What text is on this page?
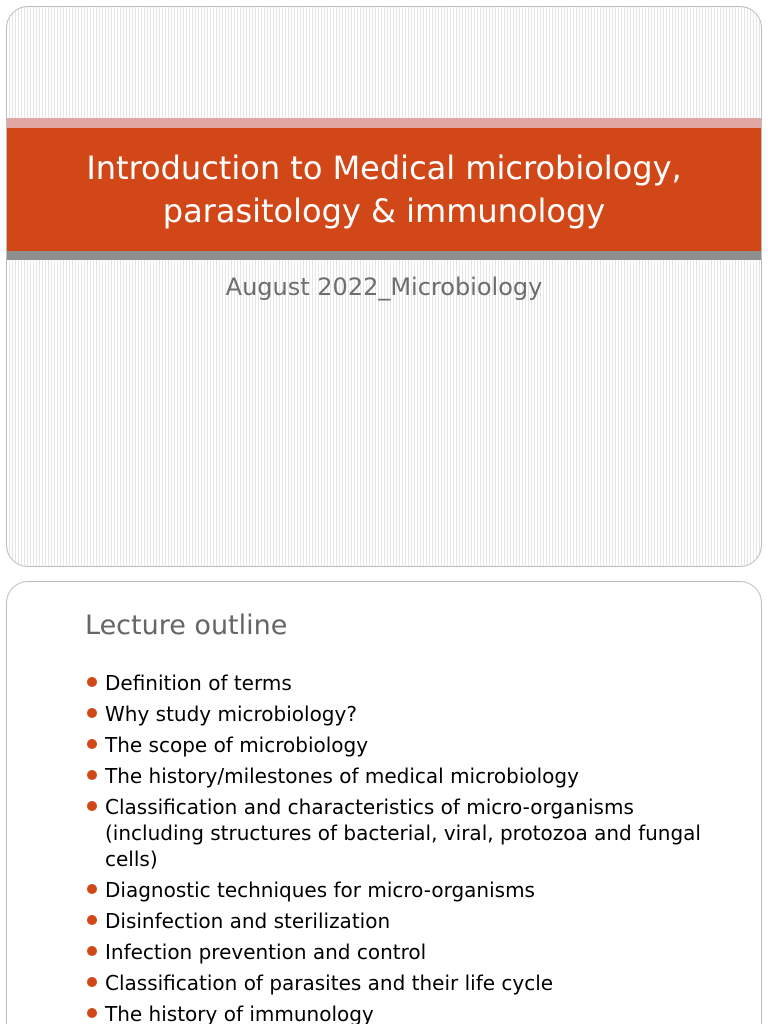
Introduction to Medical microbiology, parasitology & immunology
August 2022_Microbiology
Lecture outline
Definition of terms
Why study microbiology?
The scope of microbiology
The history/milestones of medical microbiology
Classification and characteristics of micro-organisms (including structures of bacterial, viral, protozoa and fungal cells)
Diagnostic techniques for micro-organisms
Disinfection and sterilization
Infection prevention and control
Classification of parasites and their life cycle
The history of immunology
